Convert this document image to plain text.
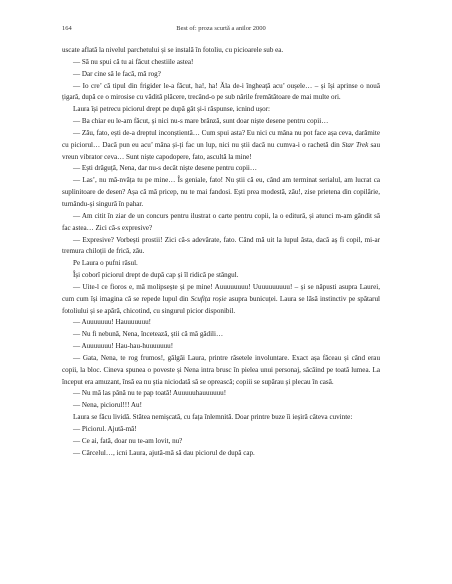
164	Best of: proza scurtă a anilor 2000

uscate aflată la nivelul parchetului și se instală în fotoliu, cu picioarele sub ea.

— Să nu spui că tu ai făcut chestiile astea!

— Dar cine să le facă, mă rog?

— Io cre’ că tipul din frigider le-a făcut, ha!, ha! Ăla de-i îngheață acu’ oușele… – și își aprinse o nouă țigară, după ce o mirosise cu vădită plăcere, trecând-o pe sub nările fremătătoare de mai multe ori.

Laura își petrecu piciorul drept pe după gât și-i răspunse, icnind ușor:

— Ba chiar eu le-am făcut, și nici nu-s mare brânză, sunt doar niște desene pentru copii…

— Zău, fato, ești de-a dreptul inconștientă… Cum spui asta? Eu nici cu mâna nu pot face așa ceva, darămite cu piciorul… Dacă pun eu acu’ mâna și-ți fac un lup, nici nu știi dacă nu cumva-i o rachetă din Star Trek sau vreun vibrator ceva… Sunt niște capodopere, fato, ascultă la mine!

— Ești drăguță, Nena, dar nu-s decât niște desene pentru copii…

— Las’, nu mă-nvăța tu pe mine… Îs geniale, fato! Nu știi că eu, când am terminat serialul, am lucrat ca suplinitoare de desen? Așa că mă pricep, nu te mai fandosi. Ești prea modestă, zău!, zise prietena din copilărie, turnându-și singură în pahar.

— Am citit în ziar de un concurs pentru ilustrat o carte pentru copii, la o editură, și atunci m-am gândit să fac astea… Zici că-s expresive?

— Expresive? Vorbești prostii! Zici că-s adevărate, fato. Când mă uit la lupul ăsta, dacă aș fi copil, mi-ar tremura chiloții de frică, zău.

Pe Laura o pufni râsul.

Își coborî piciorul drept de după cap și îl ridică pe stângul.

— Uite-l ce fioros e, mă molipsește și pe mine! Auuuuuuuu! Uuuuuuuuuu! – și se năpusti asupra Laurei, cum cum își imagina că se repede lupul din Scufița roșie asupra bunicuței. Laura se lăsă instinctiv pe spătarul fotoliului și se apără, chicotind, cu singurul picior disponibil.

— Auuuuuuu! Hauuuuuuu!

— Nu fi nebună, Nena, încetează, știi că mă gâdili…

— Auuuuuuu! Hau-hau-huuuuuuu!

— Gata, Nena, te rog frumos!, gâlgâi Laura, printre râsetele involuntare. Exact așa făceau și când erau copii, la bloc. Cineva spunea o poveste și Nena intra brusc în pielea unui personaj, sâcâind pe toată lumea. La început era amuzant, însă ea nu știa niciodată să se oprească; copiii se supărau și plecau în casă.

— Nu mă las până nu te pap toată! Auuuuuhauuuuuu!

— Nena, piciorul!!! Au!

Laura se făcu lividă. Stătea nemișcată, cu fața înlemnită. Doar printre buze îi ieșiră câteva cuvinte:

— Piciorul. Ajută-mă!

— Ce ai, fată, doar nu te-am lovit, nu?

— Cârcelul…, icni Laura, ajută-mă să dau piciorul de după cap.
